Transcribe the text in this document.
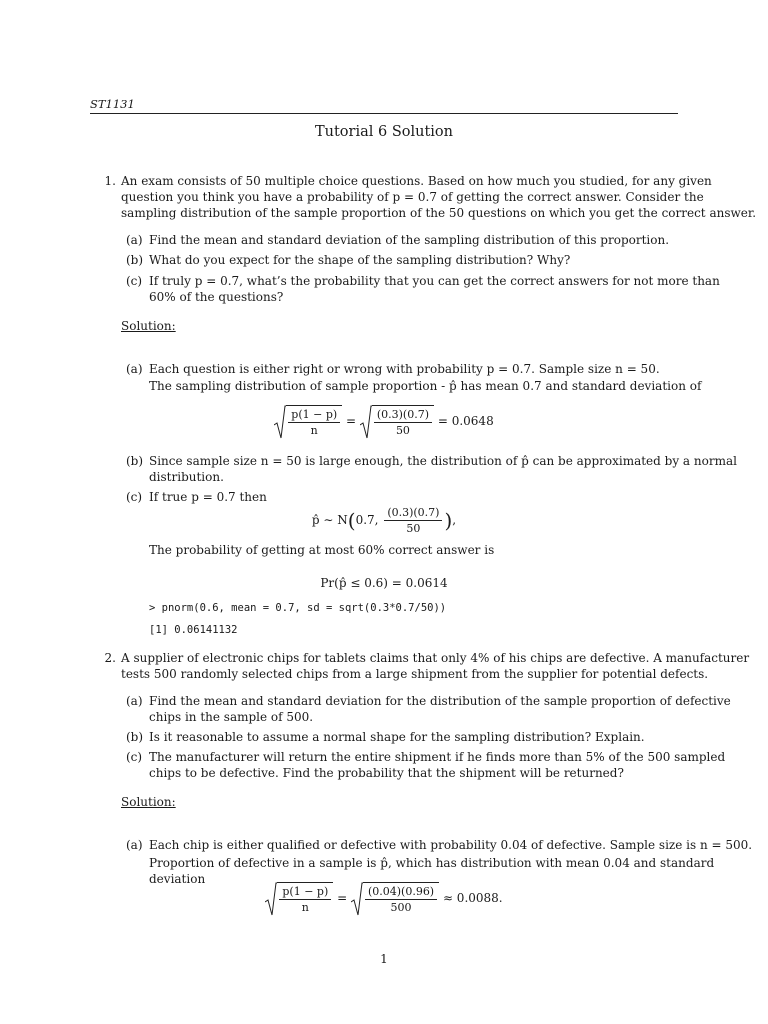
ST1131
Tutorial 6 Solution
1. An exam consists of 50 multiple choice questions. Based on how much you studied, for any given
question you think you have a probability of p = 0.7 of getting the correct answer. Consider the
sampling distribution of the sample proportion of the 50 questions on which you get the correct answer.
(a) Find the mean and standard deviation of the sampling distribution of this proportion.
(b) What do you expect for the shape of the sampling distribution? Why?
(c) If truly p = 0.7, what’s the probability that you can get the correct answers for not more than
60% of the questions?
Solution:
(a) Each question is either right or wrong with probability p = 0.7. Sample size n = 50.
The sampling distribution of sample proportion - p̂ has mean 0.7 and standard deviation of
$\frac{p(1 - p)}{n} = \frac{(0.3)(0.7)}{50} = 0.0648$
(b) Since sample size n = 50 is large enough, the distribution of p̂ can be approximated by a normal
distribution.
(c) If true p = 0.7 then
p̂ ∼ N(0.7, $\frac{(0.3)(0.7)}{50}$ ),
The probability of getting at most 60% correct answer is
Pr(p̂ ≤ 0.6) = 0.0614
> pnorm(0.6, mean = 0.7, sd = sqrt(0.3*0.7/50))
[1] 0.06141132
2. A supplier of electronic chips for tablets claims that only 4% of his chips are defective. A manufacturer
tests 500 randomly selected chips from a large shipment from the supplier for potential defects.
(a) Find the mean and standard deviation for the distribution of the sample proportion of defective
chips in the sample of 500.
(b) Is it reasonable to assume a normal shape for the sampling distribution? Explain.
(c) The manufacturer will return the entire shipment if he finds more than 5% of the 500 sampled
chips to be defective. Find the probability that the shipment will be returned?
Solution:
(a) Each chip is either qualified or defective with probability 0.04 of defective. Sample size is n = 500.
Proportion of defective in a sample is p̂, which has distribution with mean 0.04 and standard
deviation
$\frac{p(1 - p)}{n} = \frac{(0.04)(0.96)}{500} \approx 0.0088$.
1
